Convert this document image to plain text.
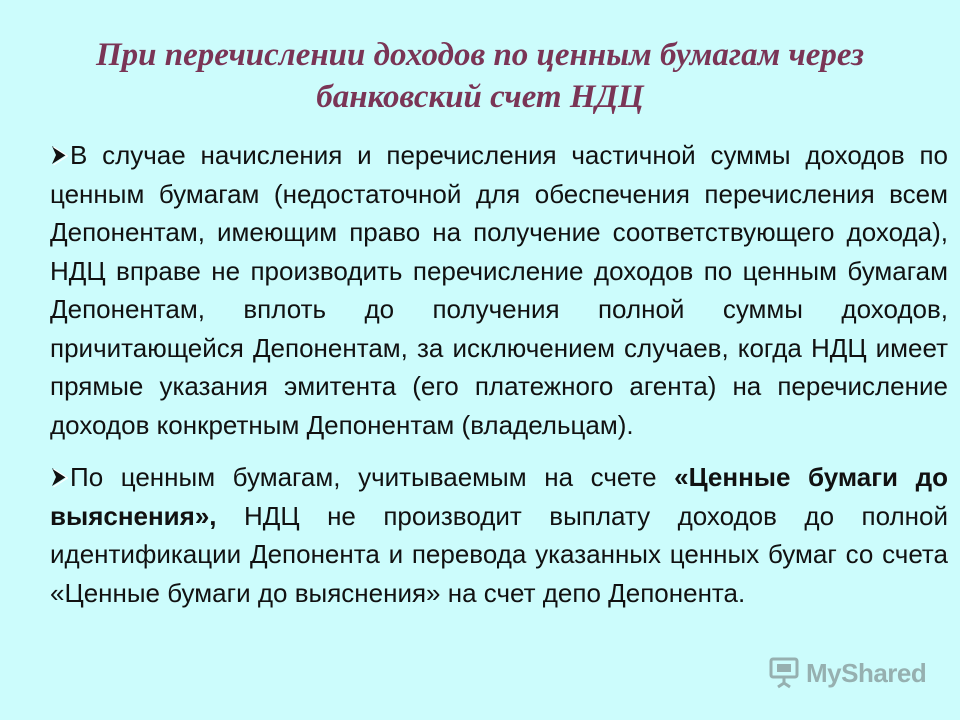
При перечислении доходов по ценным бумагам через
банковский счет НДЦ

В случае начисления и перечисления частичной суммы доходов по ценным бумагам (недостаточной для обеспечения перечисления всем Депонентам, имеющим право на получение соответствующего дохода), НДЦ вправе не производить перечисление доходов по ценным бумагам Депонентам, вплоть до получения полной суммы доходов, причитающейся Депонентам, за исключением случаев, когда НДЦ имеет прямые указания эмитента (его платежного агента) на перечисление доходов конкретным Депонентам (владельцам).

По ценным бумагам, учитываемым на счете «Ценные бумаги до выяснения», НДЦ не производит выплату доходов до полной идентификации Депонента и перевода указанных ценных бумаг со счета «Ценные бумаги до выяснения» на счет депо Депонента.

MyShared
